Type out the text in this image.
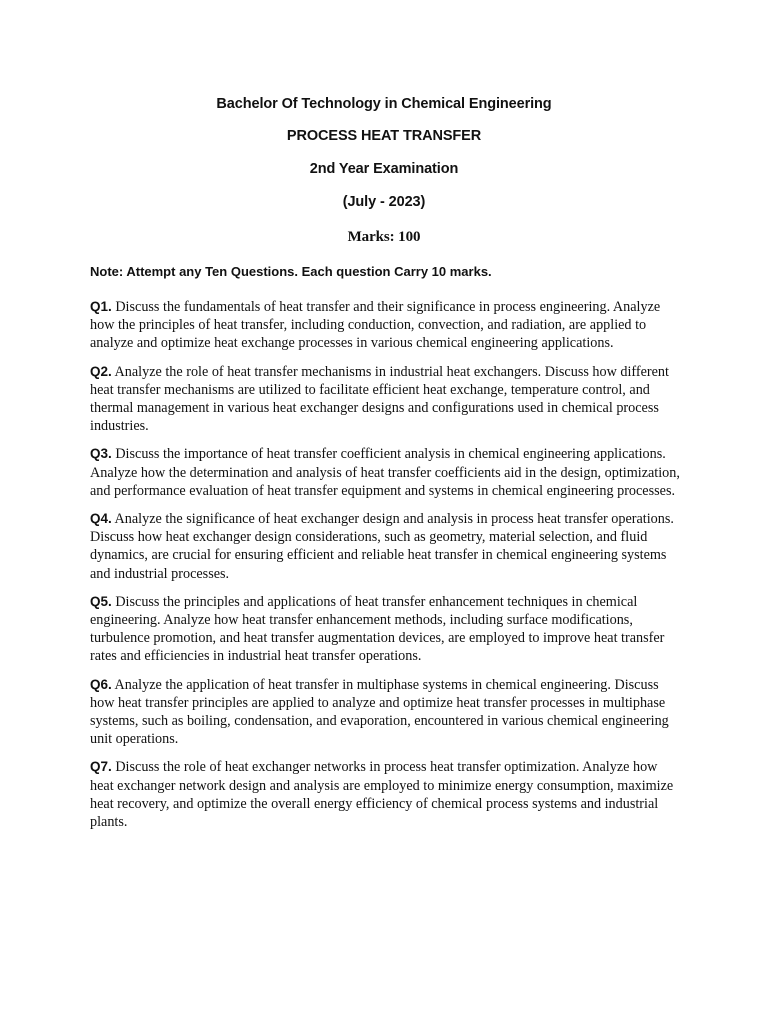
Bachelor Of Technology in Chemical Engineering
PROCESS HEAT TRANSFER
2nd Year Examination
(July - 2023)
Marks: 100
Note: Attempt any Ten Questions. Each question Carry 10 marks.

Q1. Discuss the fundamentals of heat transfer and their significance in process engineering. Analyze how the principles of heat transfer, including conduction, convection, and radiation, are applied to analyze and optimize heat exchange processes in various chemical engineering applications.

Q2. Analyze the role of heat transfer mechanisms in industrial heat exchangers. Discuss how different heat transfer mechanisms are utilized to facilitate efficient heat exchange, temperature control, and thermal management in various heat exchanger designs and configurations used in chemical process industries.

Q3. Discuss the importance of heat transfer coefficient analysis in chemical engineering applications. Analyze how the determination and analysis of heat transfer coefficients aid in the design, optimization, and performance evaluation of heat transfer equipment and systems in chemical engineering processes.

Q4. Analyze the significance of heat exchanger design and analysis in process heat transfer operations. Discuss how heat exchanger design considerations, such as geometry, material selection, and fluid dynamics, are crucial for ensuring efficient and reliable heat transfer in chemical engineering systems and industrial processes.

Q5. Discuss the principles and applications of heat transfer enhancement techniques in chemical engineering. Analyze how heat transfer enhancement methods, including surface modifications, turbulence promotion, and heat transfer augmentation devices, are employed to improve heat transfer rates and efficiencies in industrial heat transfer operations.

Q6. Analyze the application of heat transfer in multiphase systems in chemical engineering. Discuss how heat transfer principles are applied to analyze and optimize heat transfer processes in multiphase systems, such as boiling, condensation, and evaporation, encountered in various chemical engineering unit operations.

Q7. Discuss the role of heat exchanger networks in process heat transfer optimization. Analyze how heat exchanger network design and analysis are employed to minimize energy consumption, maximize heat recovery, and optimize the overall energy efficiency of chemical process systems and industrial plants.
